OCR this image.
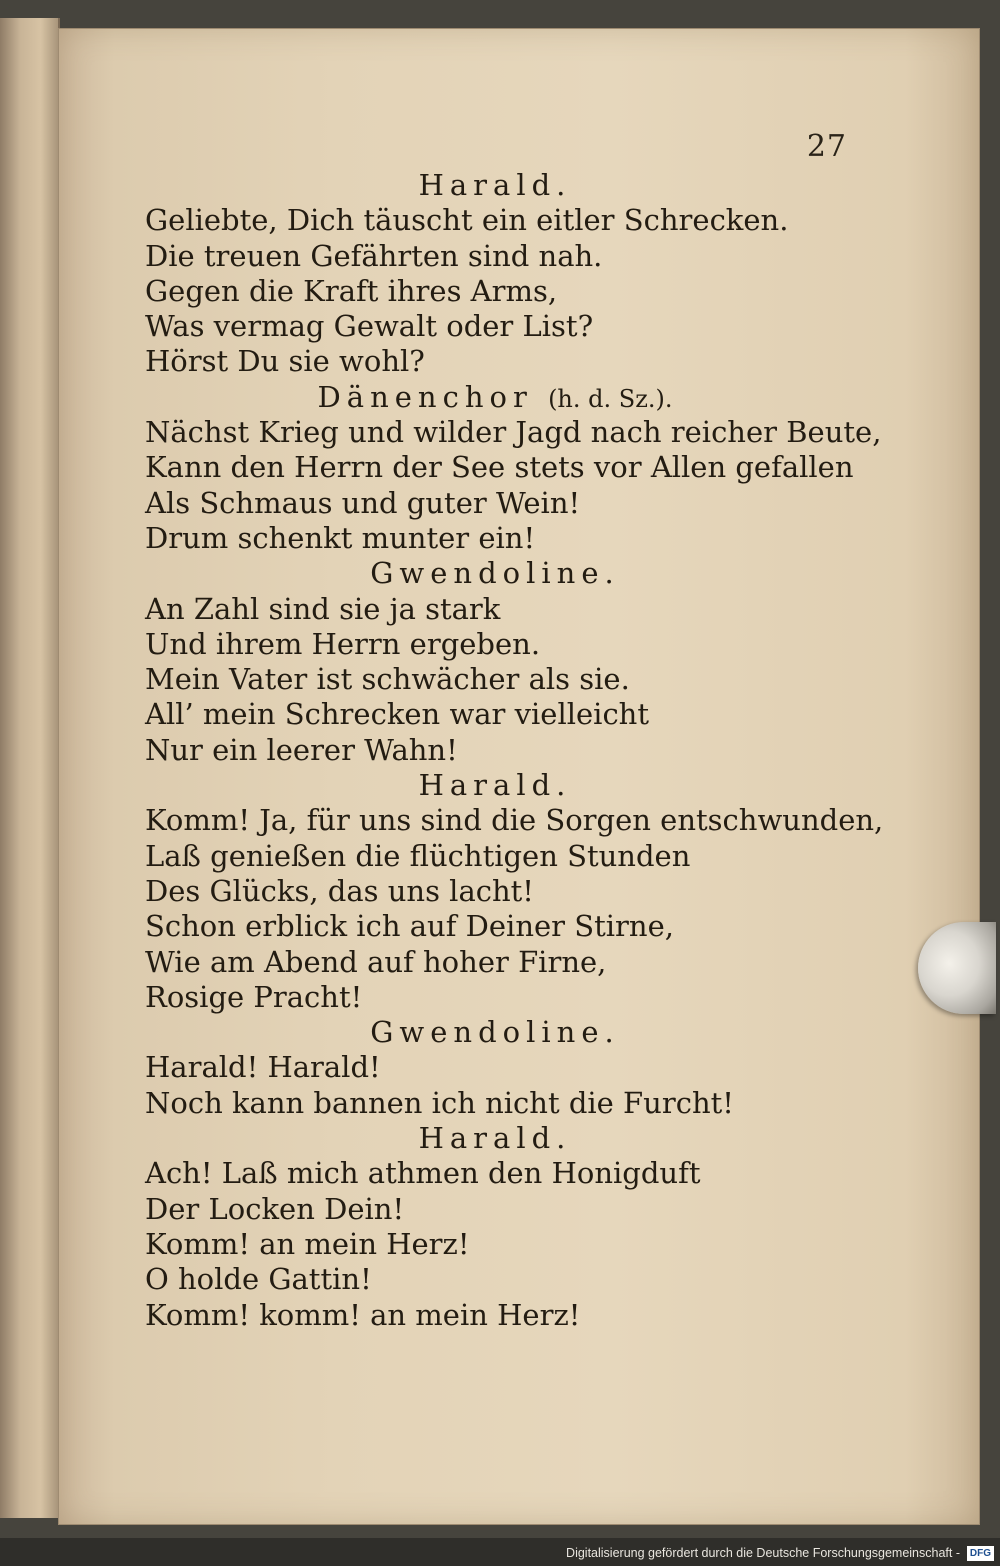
27
Harald.
Geliebte, Dich täuscht ein eitler Schrecken.
Die treuen Gefährten sind nah.
Gegen die Kraft ihres Arms,
Was vermag Gewalt oder List?
Hörst Du sie wohl?
Dänenchor (h. d. Sz.).
Nächst Krieg und wilder Jagd nach reicher Beute,
Kann den Herrn der See stets vor Allen gefallen
Als Schmaus und guter Wein!
Drum schenkt munter ein!
Gwendoline.
An Zahl sind sie ja stark
Und ihrem Herrn ergeben.
Mein Vater ist schwächer als sie.
All’ mein Schrecken war vielleicht
Nur ein leerer Wahn!
Harald.
Komm! Ja, für uns sind die Sorgen entschwunden,
Laß genießen die flüchtigen Stunden
Des Glücks, das uns lacht!
Schon erblick ich auf Deiner Stirne,
Wie am Abend auf hoher Firne,
Rosige Pracht!
Gwendoline.
Harald! Harald!
Noch kann bannen ich nicht die Furcht!
Harald.
Ach! Laß mich athmen den Honigduft
Der Locken Dein!
Komm! an mein Herz!
O holde Gattin!
Komm! komm! an mein Herz!
Digitalisierung gefördert durch die Deutsche Forschungsgemeinschaft - DFG
